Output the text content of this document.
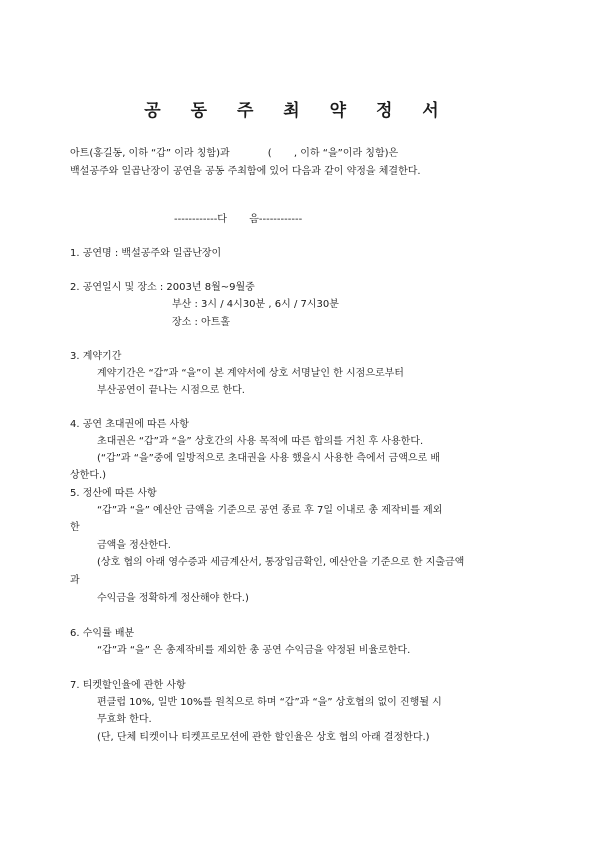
공 동 주 최 약 정 서
아트(홍길동, 이하 “갑” 이라 칭함)과            (       , 이하 “을”이라 칭함)은
백설공주와 일곱난장이 공연을 공동 주최함에 있어 다음과 같이 약정을 체결한다.
------------다       음------------
1. 공연명 : 백설공주와 일곱난장이
2. 공연일시 및 장소 : 2003년 8월~9월중
부산 : 3시 / 4시30분 , 6시 / 7시30분
장소 : 아트홀
3. 계약기간
계약기간은 “갑”과 “을”이 본 계약서에 상호 서명날인 한 시점으로부터
부산공연이 끝나는 시점으로 한다.
4. 공연 초대권에 따른 사항
초대권은 “갑”과 “을” 상호간의 사용 목적에 따른 합의를 거친 후 사용한다.
(“갑”과 “을”중에 일방적으로 초대권을 사용 했을시 사용한 측에서 금액으로 배
상한다.)
5. 정산에 따른 사항
“갑”과 “을” 예산안 금액을 기준으로 공연 종료 후 7일 이내로 총 제작비를 제외
한
금액을 정산한다.
(상호 협의 아래 영수증과 세금계산서, 통장입금확인, 예산안을 기준으로 한 지출금액
과
수익금을 정확하게 정산해야 한다.)
6. 수익률 배분
“갑”과 “을” 은 총제작비를 제외한 총 공연 수익금을 약정된 비율로한다.
7. 티켓할인율에 관한 사항
편클럽 10%, 일반 10%를 원칙으로 하며 “갑”과 “을” 상호협의 없이 진행될 시
무효화 한다.
(단, 단체 티켓이나 티켓프로모션에 관한 할인율은 상호 협의 아래 결정한다.)
